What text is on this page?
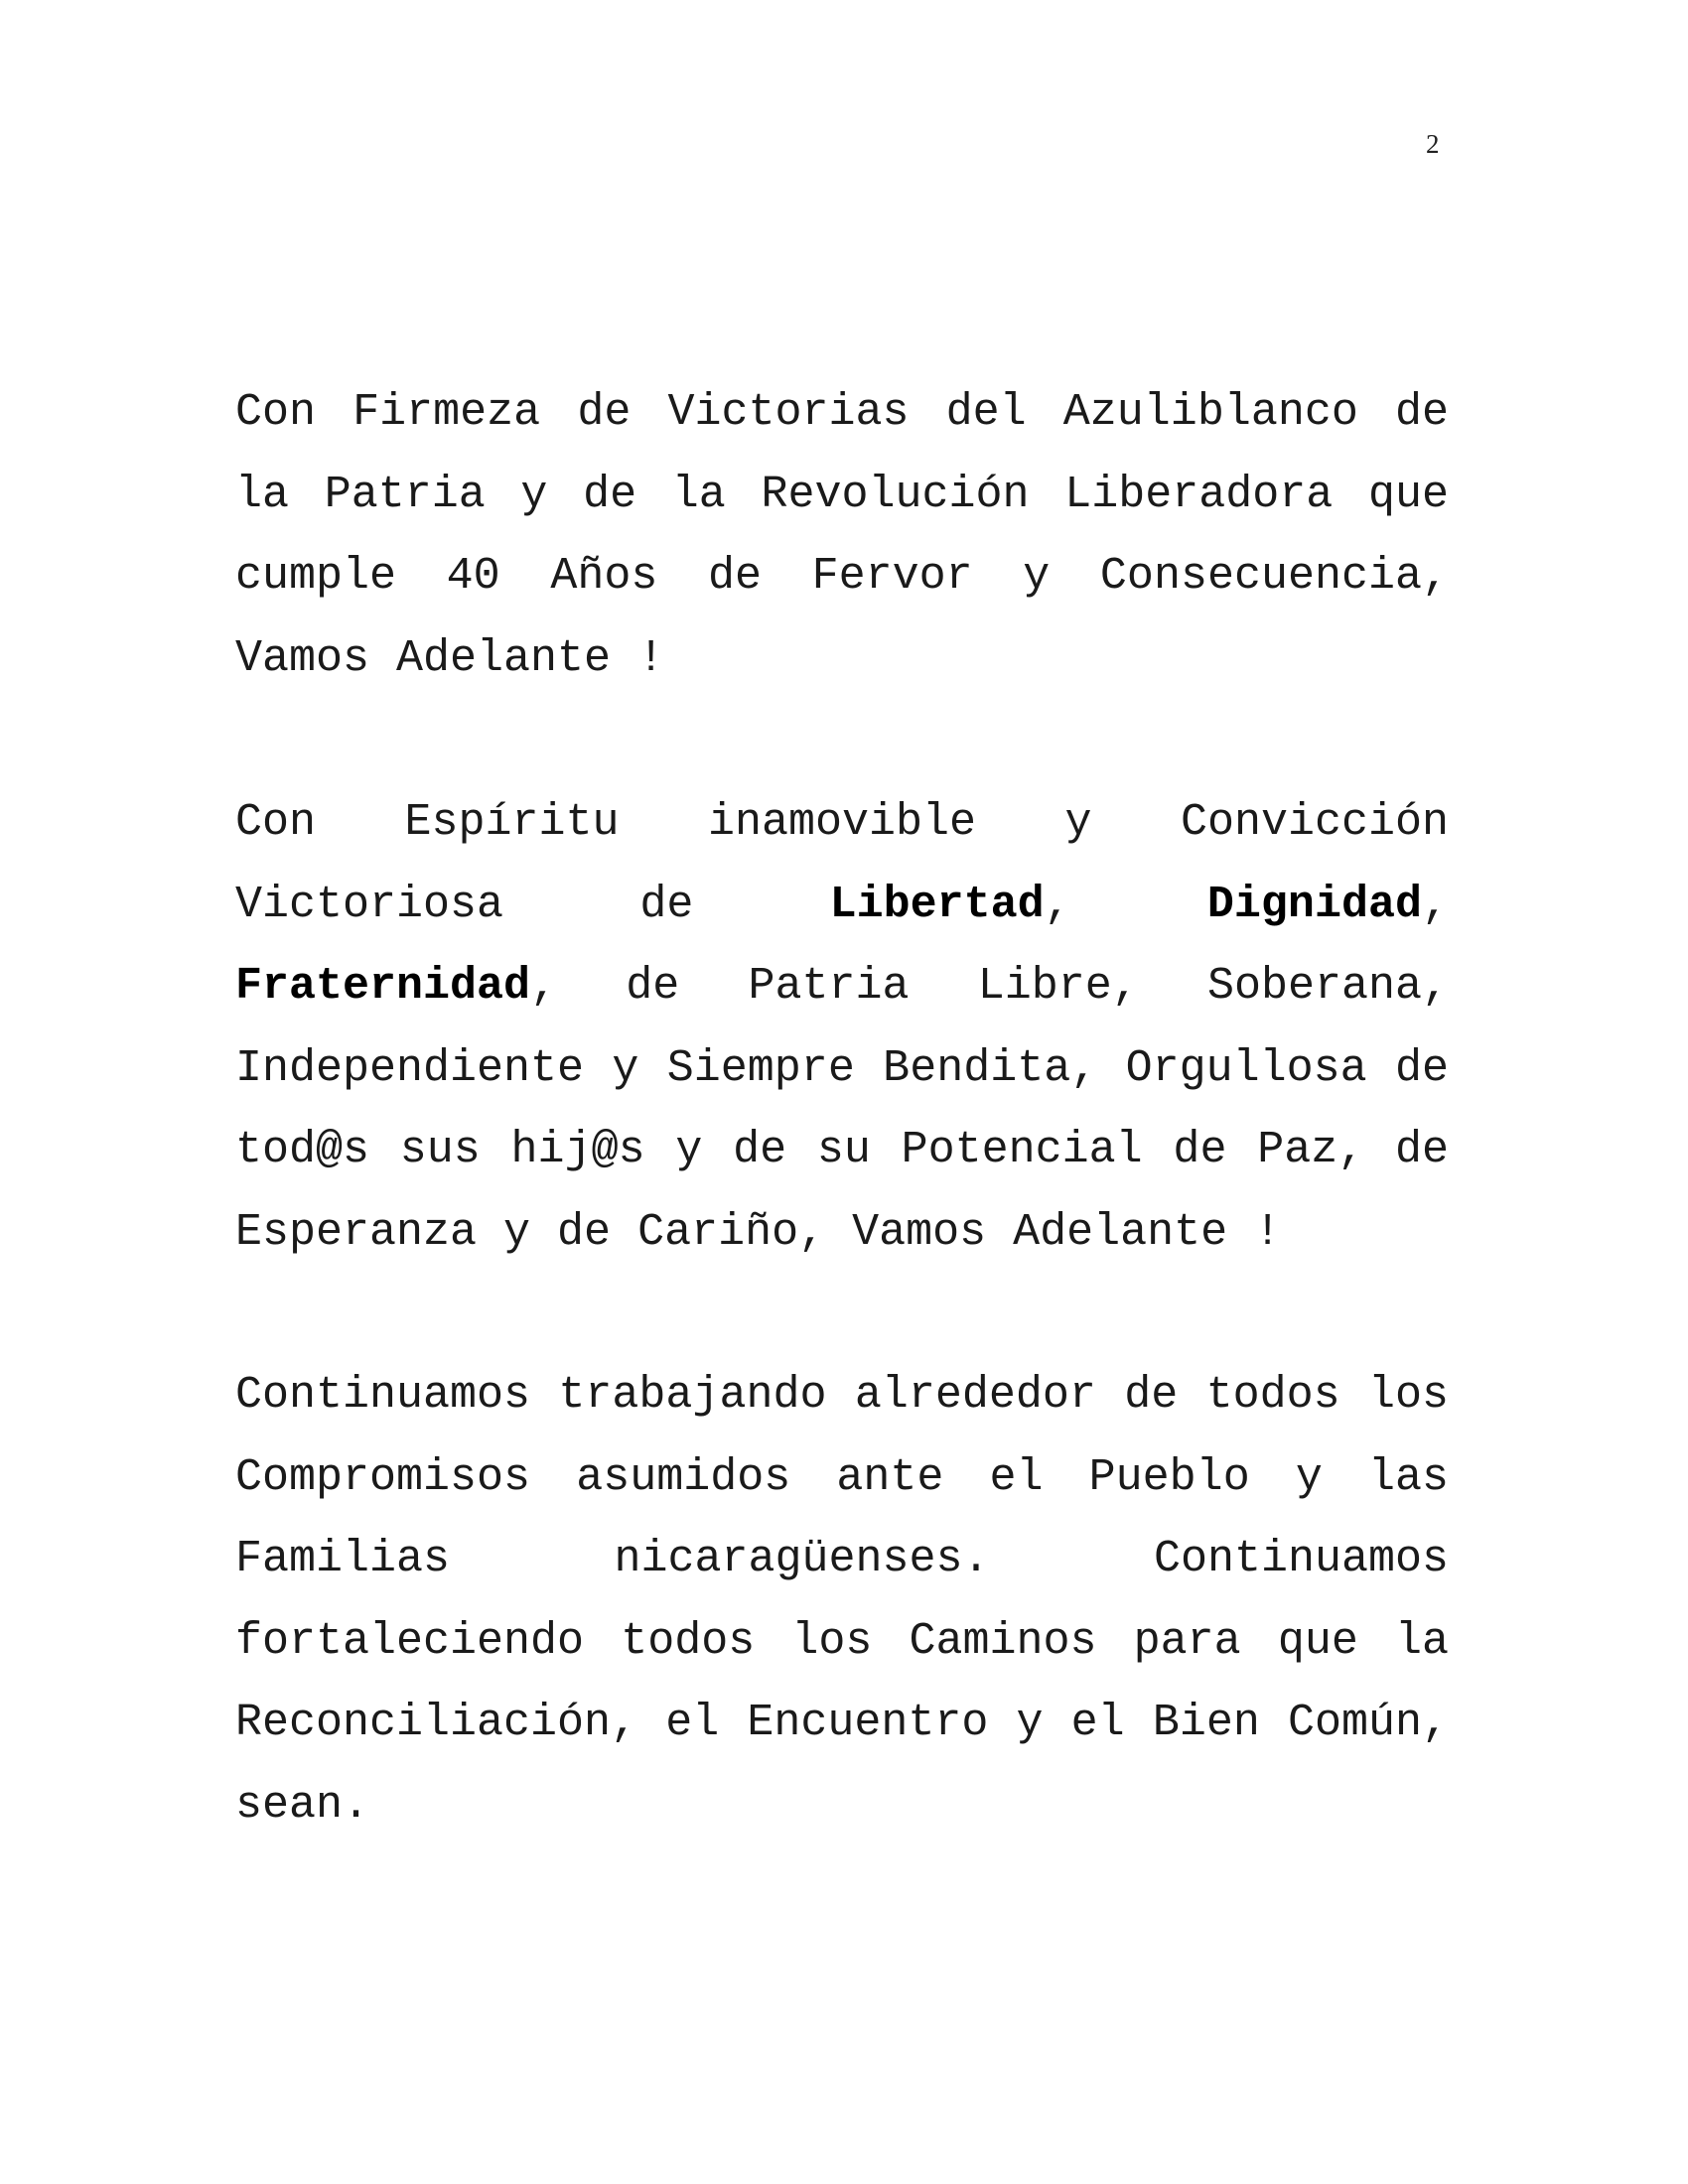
2

Con Firmeza de Victorias del Azuliblanco de la Patria y de la Revolución Liberadora que cumple 40 Años de Fervor y Consecuencia, Vamos Adelante !

Con Espíritu inamovible y Convicción Victoriosa	de	Libertad, Dignidad, Fraternidad, de Patria Libre, Soberana, Independiente y Siempre Bendita, Orgullosa de tod@s sus hij@s y de su Potencial de Paz, de Esperanza y de Cariño, Vamos Adelante !

Continuamos trabajando alrededor de todos los Compromisos asumidos ante el Pueblo y las Familias nicaragüenses. Continuamos fortaleciendo todos los Caminos para que la Reconciliación, el Encuentro y el Bien Común, sean.
